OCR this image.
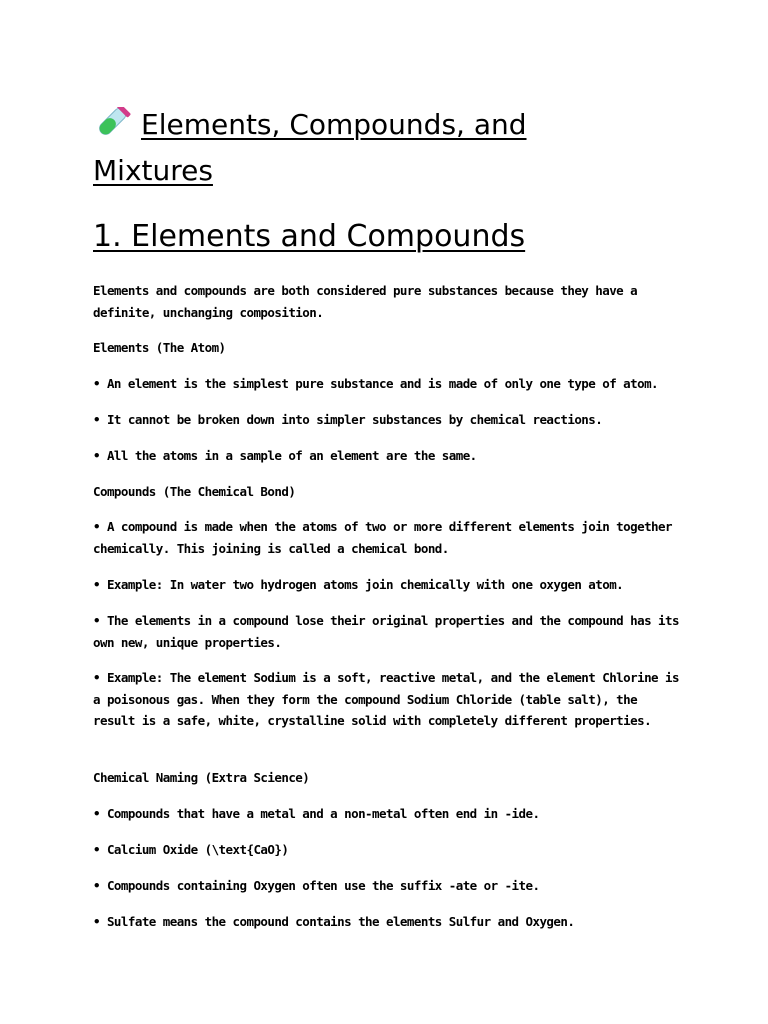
Elements, Compounds, and Mixtures
1. Elements and Compounds

Elements and compounds are both considered pure substances because they have a definite, unchanging composition.

Elements (The Atom)

• An element is the simplest pure substance and is made of only one type of atom.

• It cannot be broken down into simpler substances by chemical reactions.

• All the atoms in a sample of an element are the same.

Compounds (The Chemical Bond)

• A compound is made when the atoms of two or more different elements join together chemically. This joining is called a chemical bond.

• Example: In water two hydrogen atoms join chemically with one oxygen atom.

• The elements in a compound lose their original properties and the compound has its own new, unique properties.

• Example: The element Sodium is a soft, reactive metal, and the element Chlorine is a poisonous gas. When they form the compound Sodium Chloride (table salt), the result is a safe, white, crystalline solid with completely different properties.

Chemical Naming (Extra Science)

• Compounds that have a metal and a non-metal often end in -ide.

• Calcium Oxide (\text{CaO})

• Compounds containing Oxygen often use the suffix -ate or -ite.

• Sulfate means the compound contains the elements Sulfur and Oxygen.
